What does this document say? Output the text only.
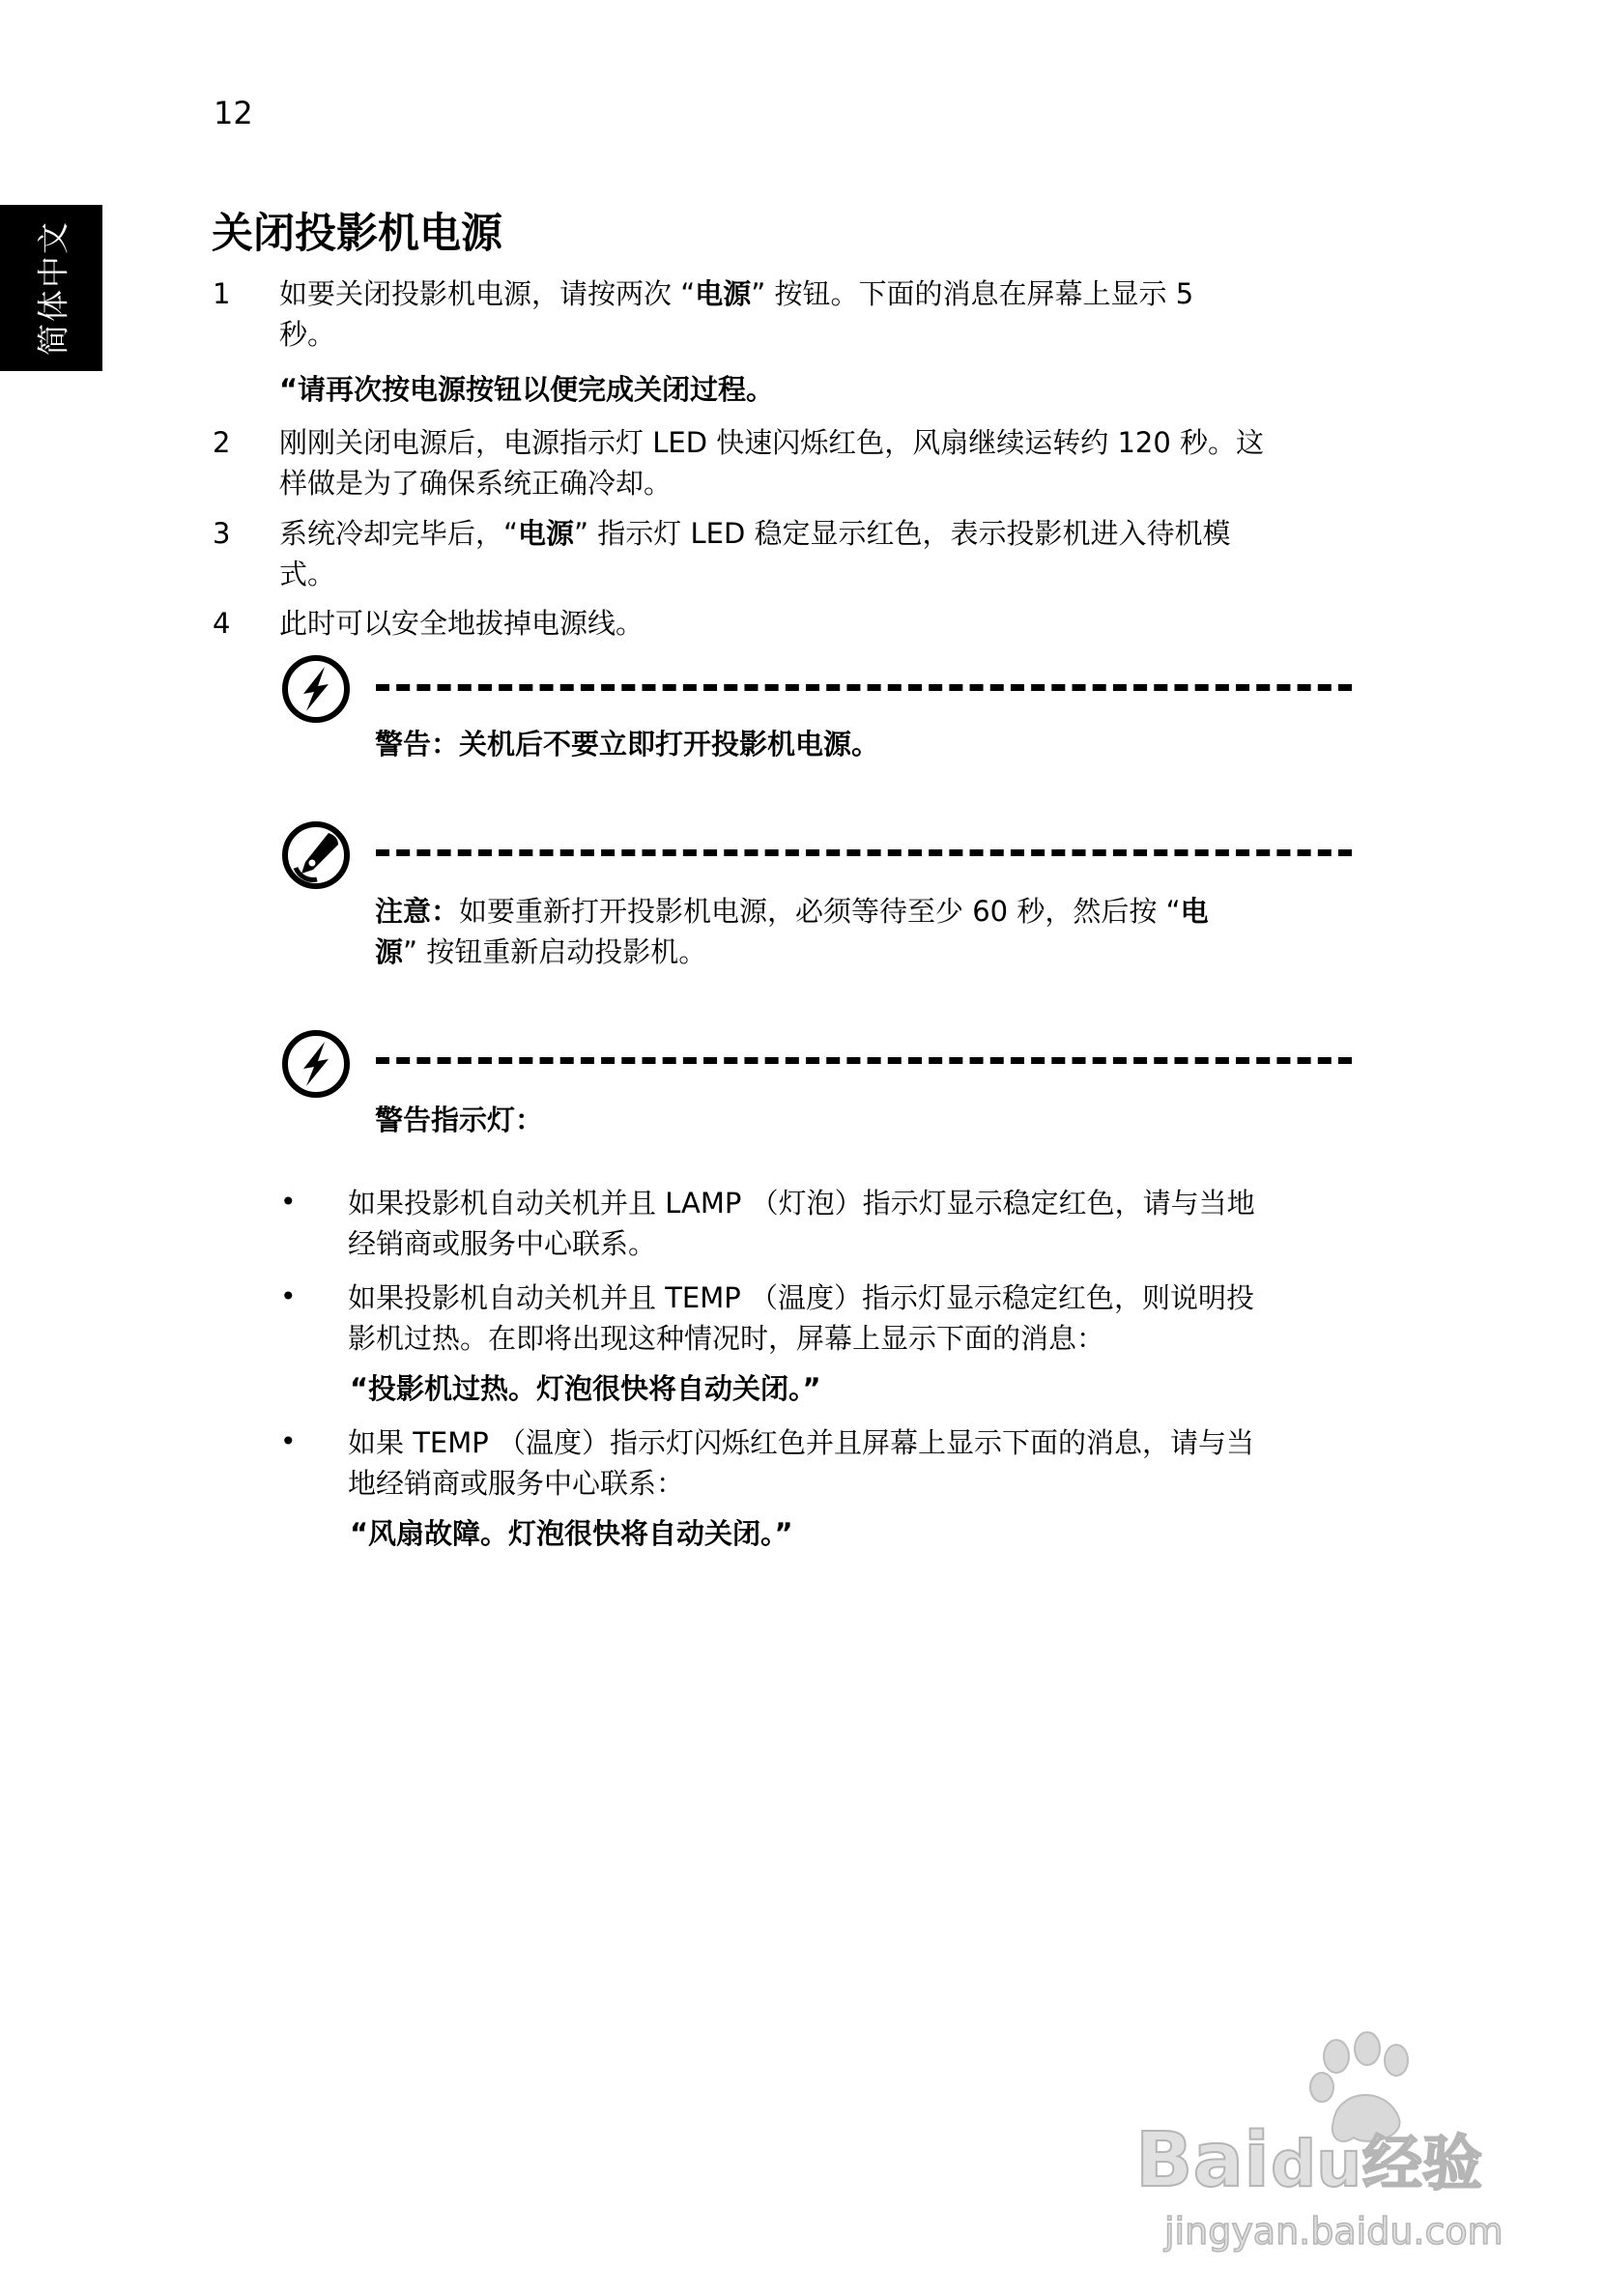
12
简体中文	关闭投影机电源
1 如要关闭投影机电源，请按两次 “电源” 按钮。下面的消息在屏幕上显示 5
秒。
“请再次按电源按钮以便完成关闭过程。
2 刚刚关闭电源后，电源指示灯 LED 快速闪烁红色，风扇继续运转约 120 秒。这
样做是为了确保系统正确冷却。
3 系统冷却完毕后，“电源” 指示灯 LED 稳定显示红色，表示投影机进入待机模
式。
4 此时可以安全地拔掉电源线。
警告：关机后不要立即打开投影机电源。
注意：如要重新打开投影机电源，必须等待至少 60 秒，然后按 “电
源” 按钮重新启动投影机。
警告指示灯：
• 如果投影机自动关机并且 LAMP （灯泡）指示灯显示稳定红色，请与当地
经销商或服务中心联系。
• 如果投影机自动关机并且 TEMP （温度）指示灯显示稳定红色，则说明投
影机过热。在即将出现这种情况时，屏幕上显示下面的消息：
“投影机过热。灯泡很快将自动关闭。”
• 如果 TEMP （温度）指示灯闪烁红色并且屏幕上显示下面的消息，请与当
地经销商或服务中心联系：
“风扇故障。灯泡很快将自动关闭。”
Bai du 经验
jingyan.baidu.com
